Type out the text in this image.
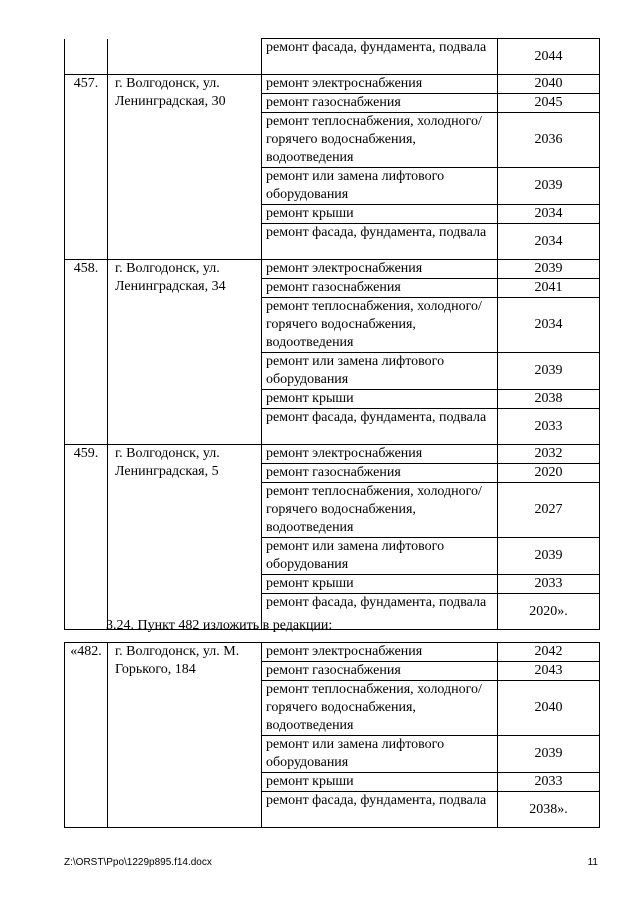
		ремонт фасада, фундамента, подвала	2044
457.	г. Волгодонск, ул. Ленинградская, 30	ремонт электроснабжения	2040
		ремонт газоснабжения	2045
		ремонт теплоснабжения, холодного/горячего водоснабжения, водоотведения	2036
		ремонт или замена лифтового оборудования	2039
		ремонт крыши	2034
		ремонт фасада, фундамента, подвала	2034
458.	г. Волгодонск, ул. Ленинградская, 34	ремонт электроснабжения	2039
		ремонт газоснабжения	2041
		ремонт теплоснабжения, холодного/горячего водоснабжения, водоотведения	2034
		ремонт или замена лифтового оборудования	2039
		ремонт крыши	2038
		ремонт фасада, фундамента, подвала	2033
459.	г. Волгодонск, ул. Ленинградская, 5	ремонт электроснабжения	2032
		ремонт газоснабжения	2020
		ремонт теплоснабжения, холодного/горячего водоснабжения, водоотведения	2027
		ремонт или замена лифтового оборудования	2039
		ремонт крыши	2033
		ремонт фасада, фундамента, подвала	2020».
3.24. Пункт 482 изложить в редакции:
«482.	г. Волгодонск, ул. М. Горького, 184	ремонт электроснабжения	2042
		ремонт газоснабжения	2043
		ремонт теплоснабжения, холодного/горячего водоснабжения, водоотведения	2040
		ремонт или замена лифтового оборудования	2039
		ремонт крыши	2033
		ремонт фасада, фундамента, подвала	2038».
Z:\ORST\Ppo\1229p895.f14.docx	11
